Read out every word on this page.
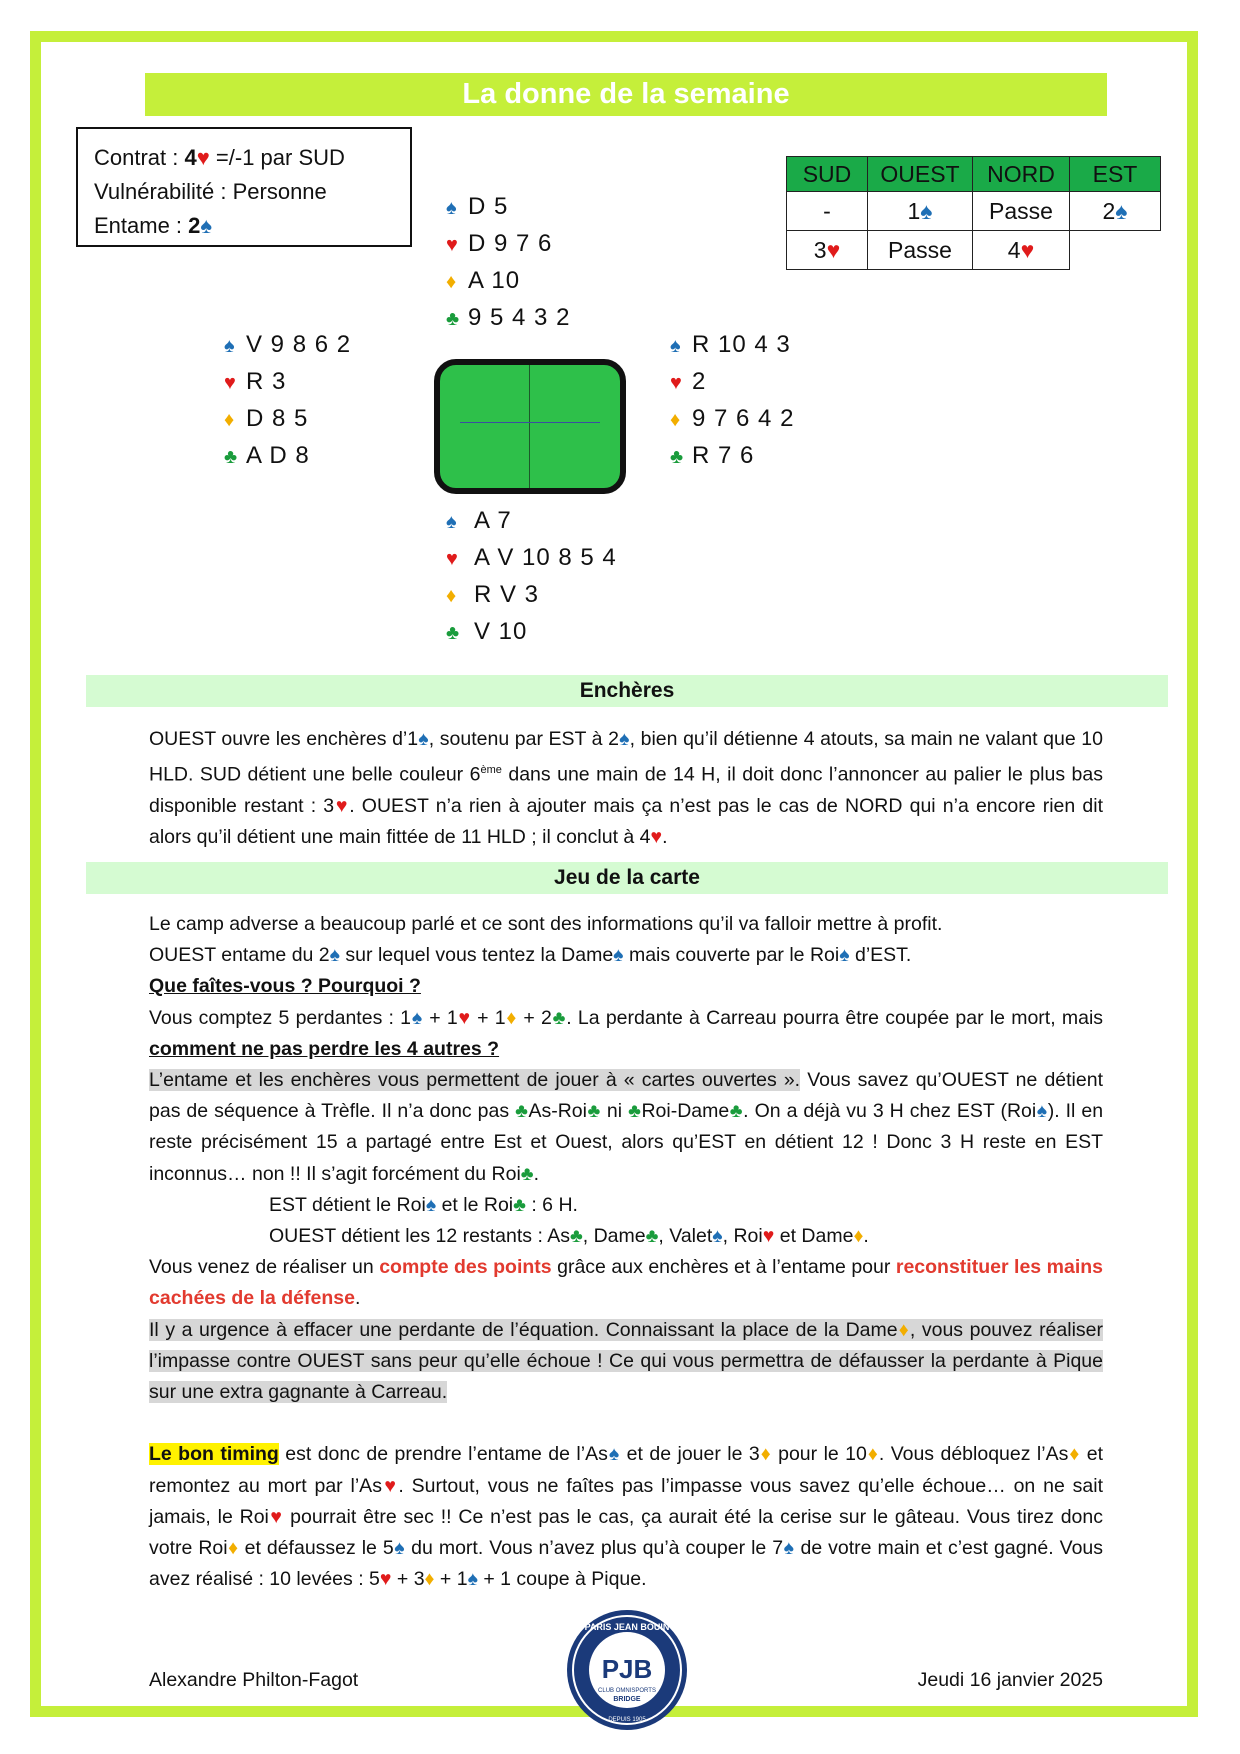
La donne de la semaine
Contrat : 4♥ =/-1 par SUD
Vulnérabilité : Personne
Entame : 2♠
♠ D 5
♥ D 9 7 6
♦ A 10
♣ 9 5 4 3 2
♠ V 9 8 6 2
♥ R 3
♦ D 8 5
♣ A D 8
♠ R 10 4 3
♥ 2
♦ 9 7 6 4 2
♣ R 7 6
♠ A 7
♥ A V 10 8 5 4
♦ R V 3
♣ V 10
SUD	OUEST	NORD	EST
-	1♠	Passe	2♠
3♥	Passe	4♥	
Enchères

OUEST ouvre les enchères d’1♠, soutenu par EST à 2♠, bien qu’il détienne 4 atouts, sa main ne valant que 10 HLD. SUD détient une belle couleur 6ème dans une main de 14 H, il doit donc l’annoncer au palier le plus bas disponible restant : 3♥. OUEST n’a rien à ajouter mais ça n’est pas le cas de NORD qui n’a encore rien dit alors qu’il détient une main fittée de 11 HLD ; il conclut à 4♥.

Jeu de la carte

Le camp adverse a beaucoup parlé et ce sont des informations qu’il va falloir mettre à profit.

OUEST entame du 2♠ sur lequel vous tentez la Dame♠ mais couverte par le Roi♠ d’EST.

Que faîtes-vous ? Pourquoi ?

Vous comptez 5 perdantes : 1♠ + 1♥ + 1♦ + 2♣. La perdante à Carreau pourra être coupée par le mort, mais comment ne pas perdre les 4 autres ?

L’entame et les enchères vous permettent de jouer à « cartes ouvertes ». Vous savez qu’OUEST ne détient pas de séquence à Trèfle. Il n’a donc pas ♣As-Roi♣ ni ♣Roi-Dame♣. On a déjà vu 3 H chez EST (Roi♠). Il en reste précisément 15 a partagé entre Est et Ouest, alors qu’EST en détient 12 ! Donc 3 H reste en EST inconnus… non !! Il s’agit forcément du Roi♣.

EST détient le Roi♠ et le Roi♣ : 6 H.

OUEST détient les 12 restants : As♣, Dame♣, Valet♠, Roi♥ et Dame♦.

Vous venez de réaliser un compte des points grâce aux enchères et à l’entame pour reconstituer les mains cachées de la défense.

Il y a urgence à effacer une perdante de l’équation. Connaissant la place de la Dame♦, vous pouvez réaliser l’impasse contre OUEST sans peur qu’elle échoue ! Ce qui vous permettra de défausser la perdante à Pique sur une extra gagnante à Carreau.

Le bon timing est donc de prendre l’entame de l’As♠ et de jouer le 3♦ pour le 10♦. Vous débloquez l’As♦ et remontez au mort par l’As♥. Surtout, vous ne faîtes pas l’impasse vous savez qu’elle échoue… on ne sait jamais, le Roi♥ pourrait être sec !! Ce n’est pas le cas, ça aurait été la cerise sur le gâteau. Vous tirez donc votre Roi♦ et défaussez le 5♠ du mort. Vous n’avez plus qu’à couper le 7♠ de votre main et c’est gagné. Vous avez réalisé : 10 levées : 5♥ + 3♦ + 1♠ + 1 coupe à Pique.

Alexandre Philton-Fagot	Jeudi 16 janvier 2025
PARIS JEAN BOUIN
PJB
CLUB OMNISPORTS
BRIDGE
DEPUIS 1905
